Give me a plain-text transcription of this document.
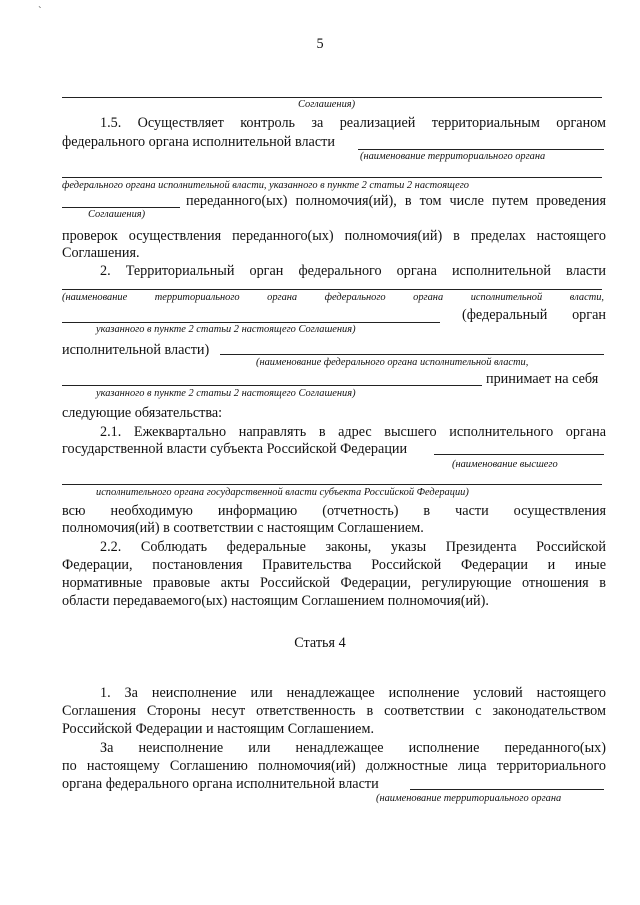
`

5

Соглашения)

1.5. Осуществляет контроль за реализацией территориальным органом

федерального органа исполнительной власти

(наименование территориального органа

федерального органа исполнительной власти, указанного в пункте 2 статьи 2 настоящего

переданного(ых) полномочия(ий), в том числе путем проведения

Соглашения)

проверок осуществления переданного(ых) полномочия(ий) в пределах настоящего

Соглашения.

2. Территориальный орган федерального органа исполнительной власти

(наименование территориального органа федерального органа исполнительной власти,

(федеральный орган

указанного в пункте 2 статьи 2 настоящего Соглашения)

исполнительной власти)

(наименование федерального органа исполнительной власти,

принимает на себя

указанного в пункте 2 статьи 2 настоящего Соглашения)

следующие обязательства:

2.1. Ежеквартально направлять в адрес высшего исполнительного органа

государственной власти субъекта Российской Федерации

(наименование высшего

исполнительного органа государственной власти субъекта Российской Федерации)

всю необходимую информацию (отчетность) в части осуществления

полномочия(ий) в соответствии с настоящим Соглашением.

2.2. Соблюдать федеральные законы, указы Президента Российской

Федерации, постановления Правительства Российской Федерации и иные

нормативные правовые акты Российской Федерации, регулирующие отношения в

области передаваемого(ых) настоящим Соглашением полномочия(ий).

Статья 4

1. За неисполнение или ненадлежащее исполнение условий настоящего

Соглашения Стороны несут ответственность в соответствии с законодательством

Российской Федерации и настоящим Соглашением.

За неисполнение или ненадлежащее исполнение переданного(ых)

по настоящему Соглашению полномочия(ий) должностные лица территориального

органа федерального органа исполнительной власти

(наименование территориального органа
